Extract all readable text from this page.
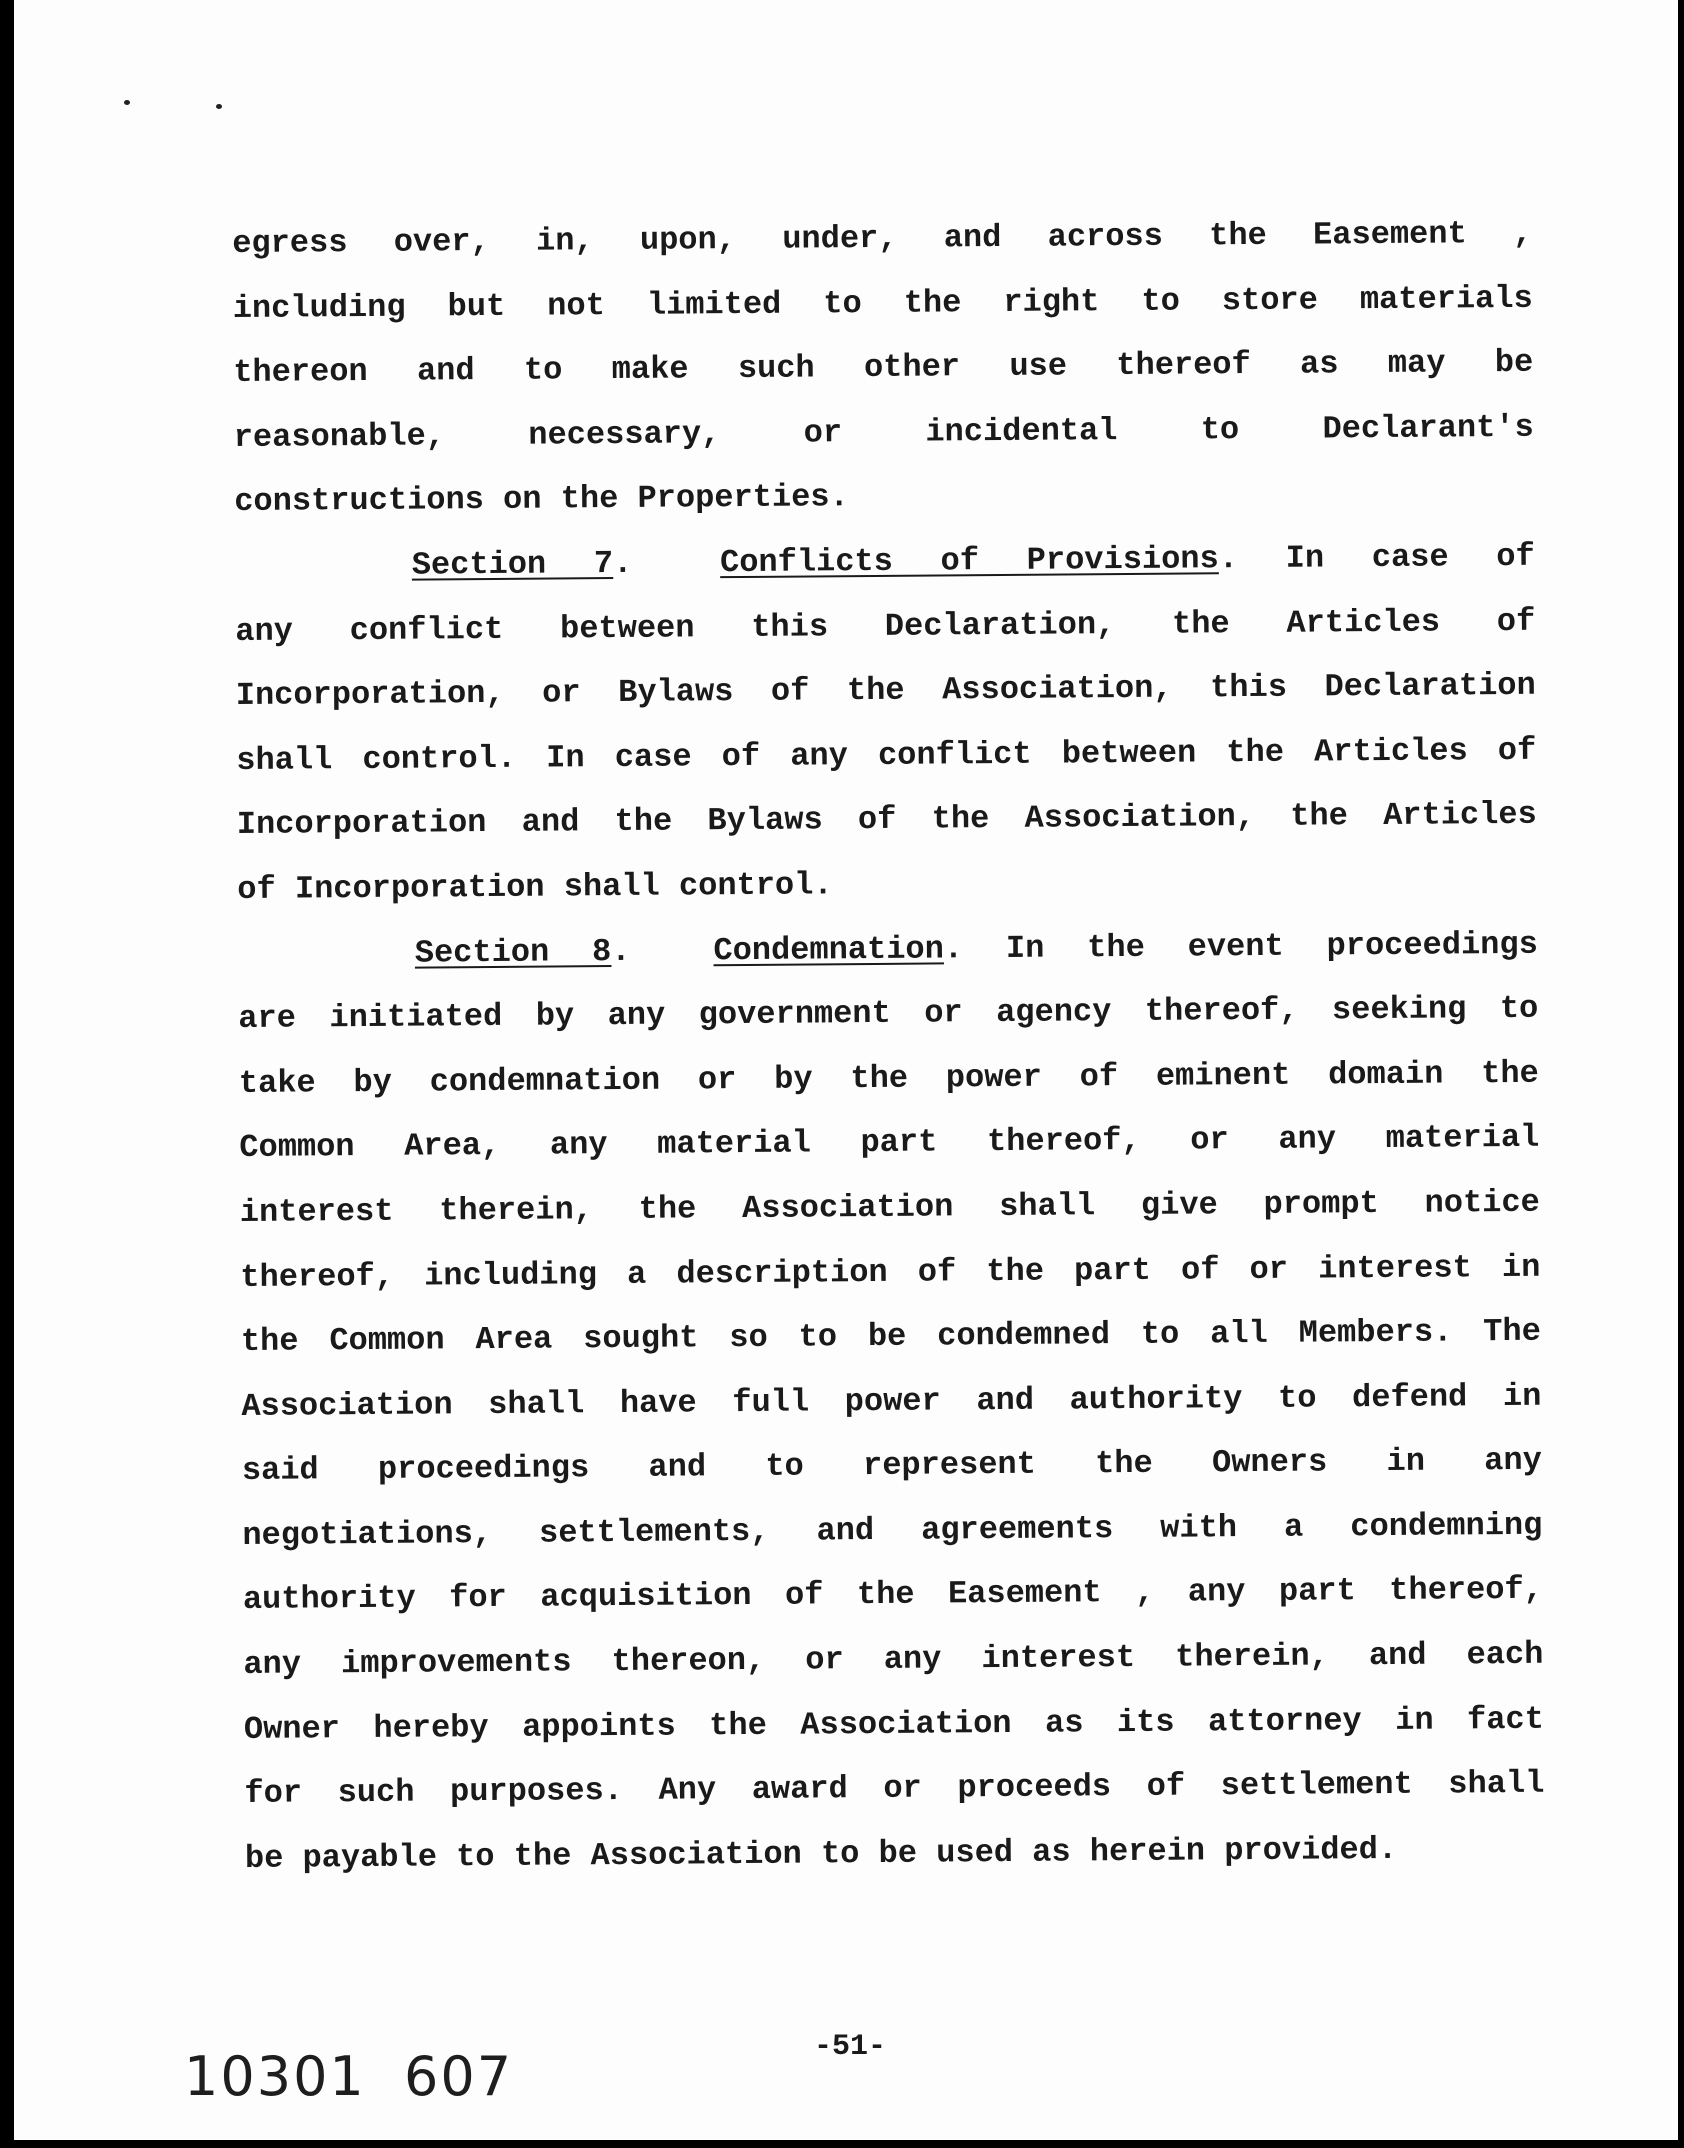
egress over, in, upon, under, and across the Easement ,
including but not limited to the right to store materials
thereon and to make such other use thereof as may be
reasonable, necessary, or incidental to Declarant's
constructions on the Properties.
Section 7. Conflicts of Provisions. In case of
any conflict between this Declaration, the Articles of
Incorporation, or Bylaws of the Association, this Declaration
shall control. In case of any conflict between the Articles of
Incorporation and the Bylaws of the Association, the Articles
of Incorporation shall control.
Section 8. Condemnation. In the event proceedings
are initiated by any government or agency thereof, seeking to
take by condemnation or by the power of eminent domain the
Common Area, any material part thereof, or any material
interest therein, the Association shall give prompt notice
thereof, including a description of the part of or interest in
the Common Area sought so to be condemned to all Members. The
Association shall have full power and authority to defend in
said proceedings and to represent the Owners in any
negotiations, settlements, and agreements with a condemning
authority for acquisition of the Easement , any part thereof,
any improvements thereon, or any interest therein, and each
Owner hereby appoints the Association as its attorney in fact
for such purposes. Any award or proceeds of settlement shall
be payable to the Association to be used as herein provided.
-51-
10301 607
